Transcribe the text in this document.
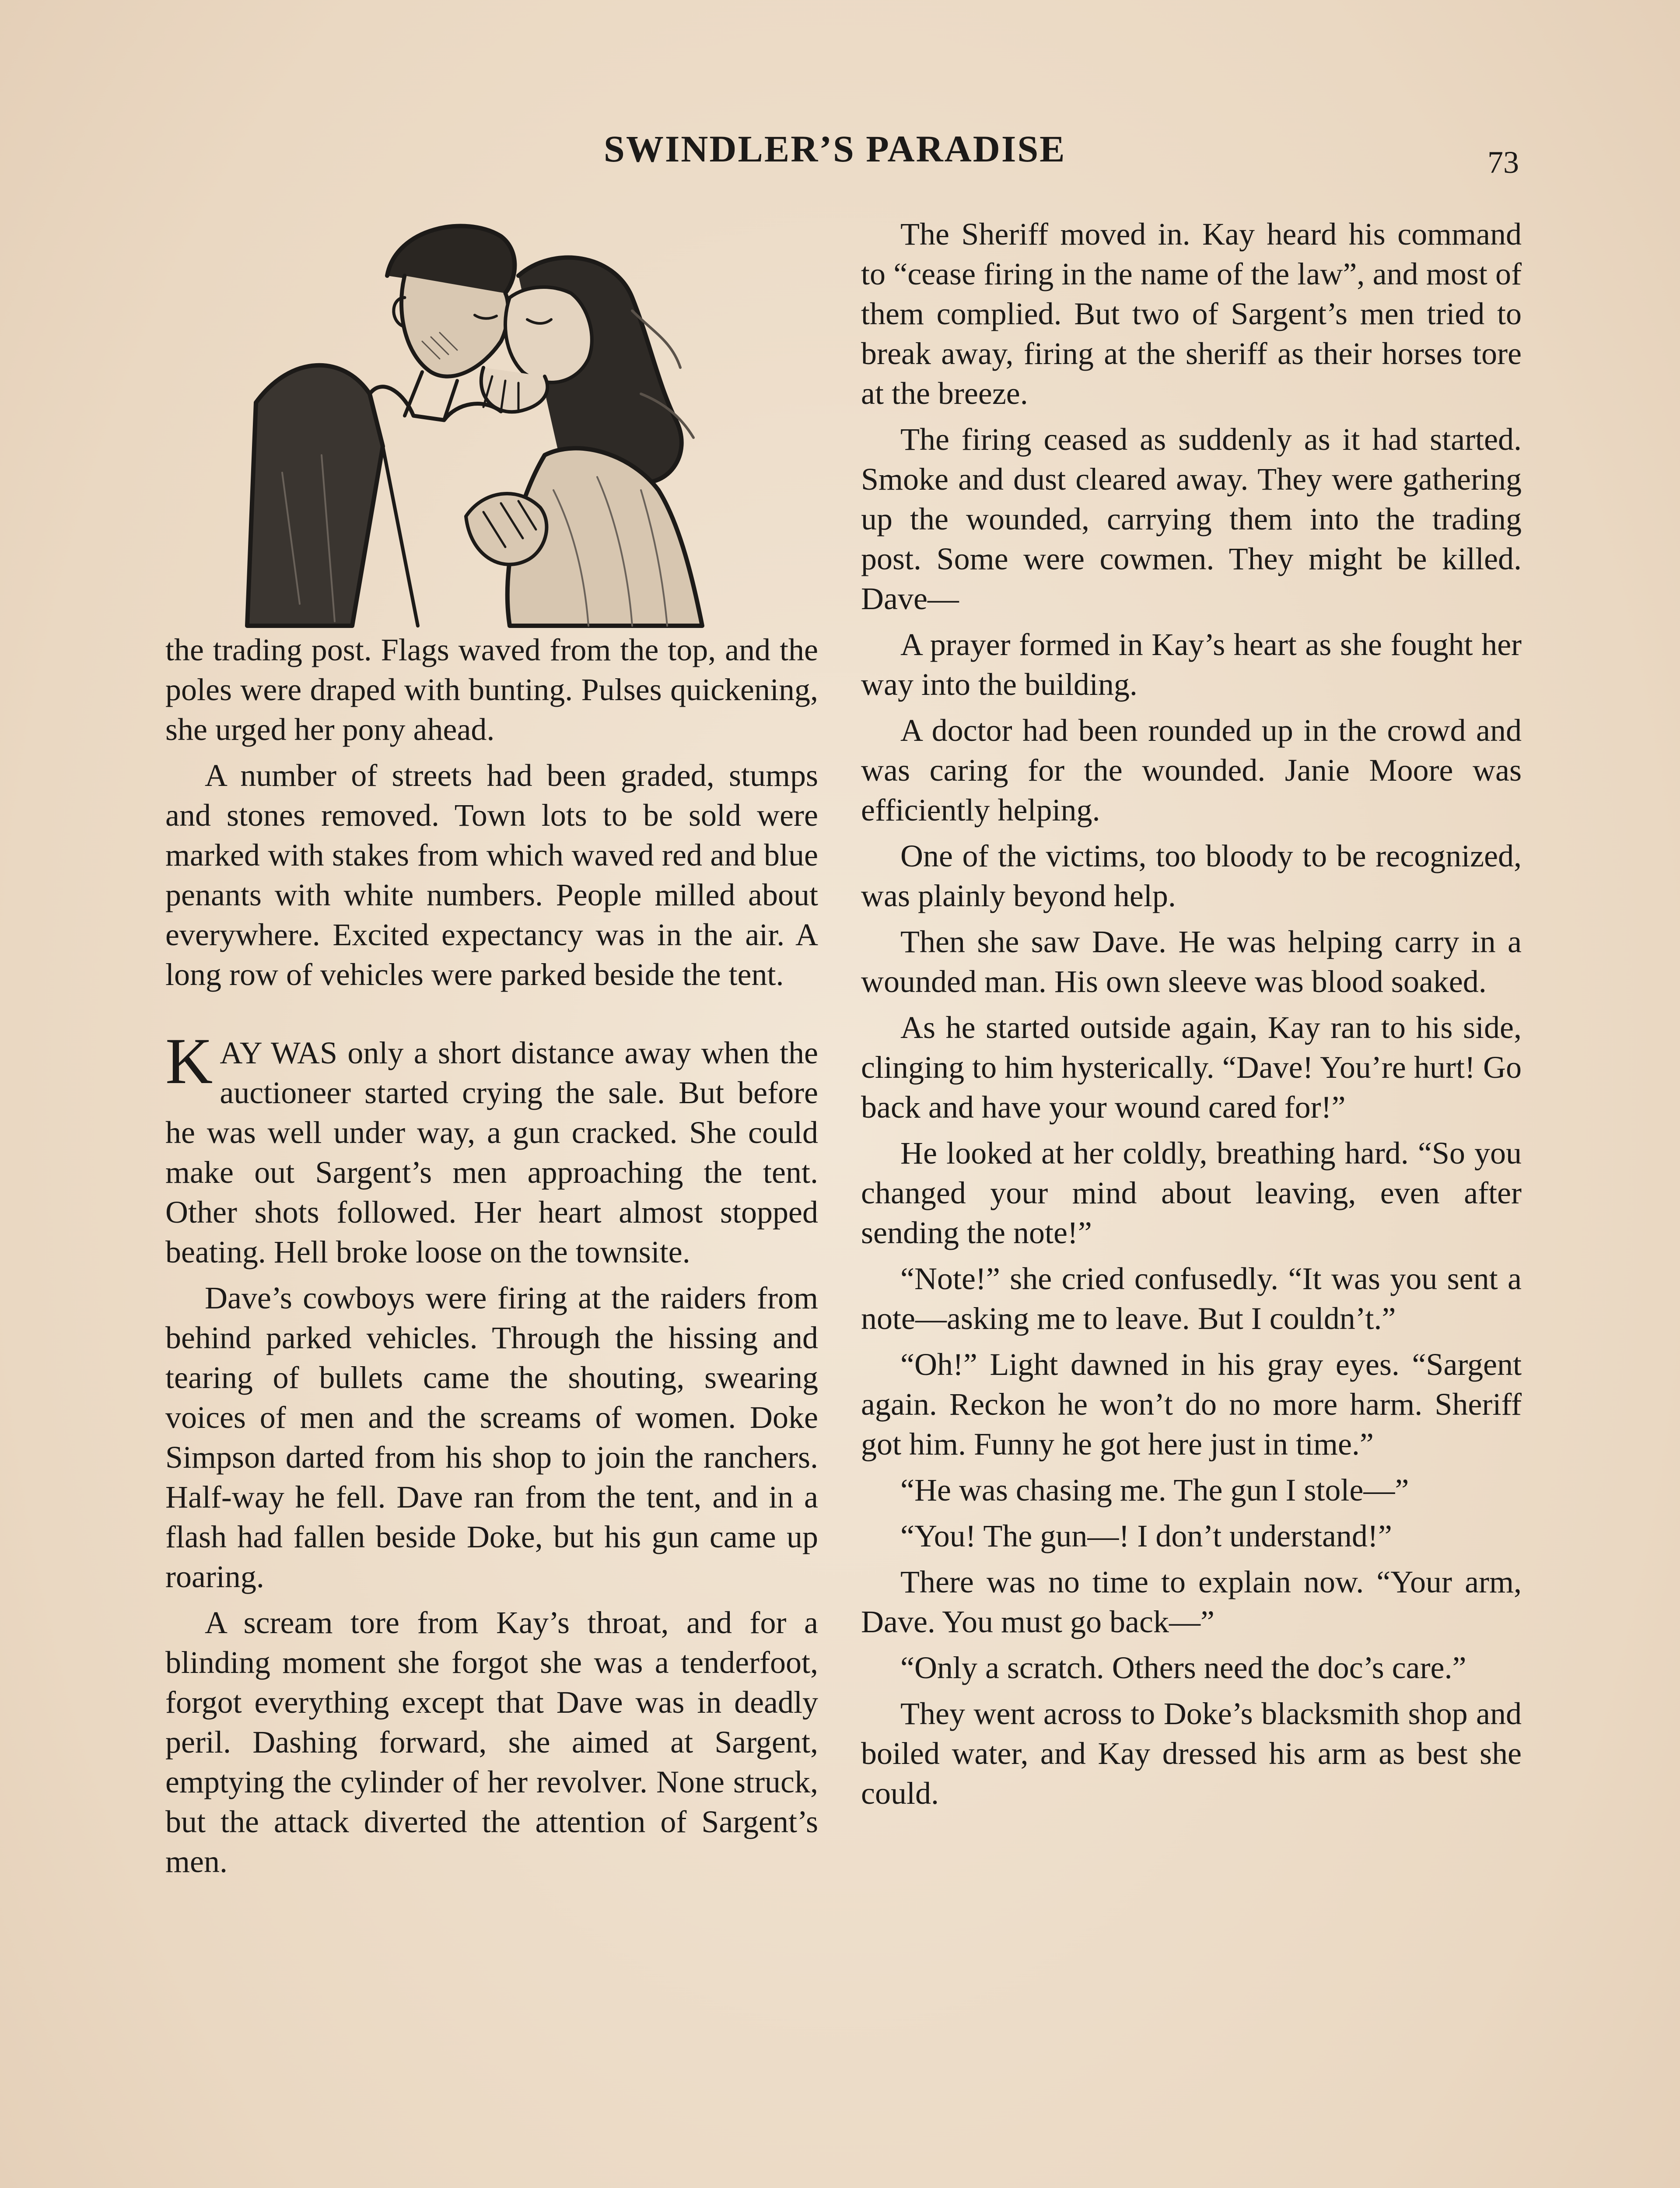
SWINDLER’S PARADISE	73

the trading post. Flags waved from the top, and the poles were draped with bunting. Pulses quickening, she urged her pony ahead.

A number of streets had been graded, stumps and stones removed. Town lots to be sold were marked with stakes from which waved red and blue penants with white numbers. People milled about everywhere. Excited expectancy was in the air. A long row of vehicles were parked beside the tent.

KAY WAS only a short distance away when the auctioneer started crying the sale. But before he was well under way, a gun cracked. She could make out Sargent’s men approaching the tent. Other shots followed. Her heart almost stopped beating. Hell broke loose on the townsite.

Dave’s cowboys were firing at the raiders from behind parked vehicles. Through the hissing and tearing of bullets came the shouting, swearing voices of men and the screams of women. Doke Simpson darted from his shop to join the ranchers. Half-way he fell. Dave ran from the tent, and in a flash had fallen beside Doke, but his gun came up roaring.

A scream tore from Kay’s throat, and for a blinding moment she forgot she was a tenderfoot, forgot everything except that Dave was in deadly peril. Dashing forward, she aimed at Sargent, emptying the cylinder of her revolver. None struck, but the attack diverted the attention of Sargent’s men.

The Sheriff moved in. Kay heard his command to “cease firing in the name of the law”, and most of them complied. But two of Sargent’s men tried to break away, firing at the sheriff as their horses tore at the breeze.

The firing ceased as suddenly as it had started. Smoke and dust cleared away. They were gathering up the wounded, carrying them into the trading post. Some were cowmen. They might be killed. Dave—

A prayer formed in Kay’s heart as she fought her way into the building.

A doctor had been rounded up in the crowd and was caring for the wounded. Janie Moore was efficiently helping.

One of the victims, too bloody to be recognized, was plainly beyond help.

Then she saw Dave. He was helping carry in a wounded man. His own sleeve was blood soaked.

As he started outside again, Kay ran to his side, clinging to him hysterically. “Dave! You’re hurt! Go back and have your wound cared for!”

He looked at her coldly, breathing hard. “So you changed your mind about leaving, even after sending the note!”

“Note!” she cried confusedly. “It was you sent a note—asking me to leave. But I couldn’t.”

“Oh!” Light dawned in his gray eyes. “Sargent again. Reckon he won’t do no more harm. Sheriff got him. Funny he got here just in time.”

“He was chasing me. The gun I stole—”

“You! The gun—! I don’t understand!”

There was no time to explain now. “Your arm, Dave. You must go back—”

“Only a scratch. Others need the doc’s care.”

They went across to Doke’s blacksmith shop and boiled water, and Kay dressed his arm as best she could.
